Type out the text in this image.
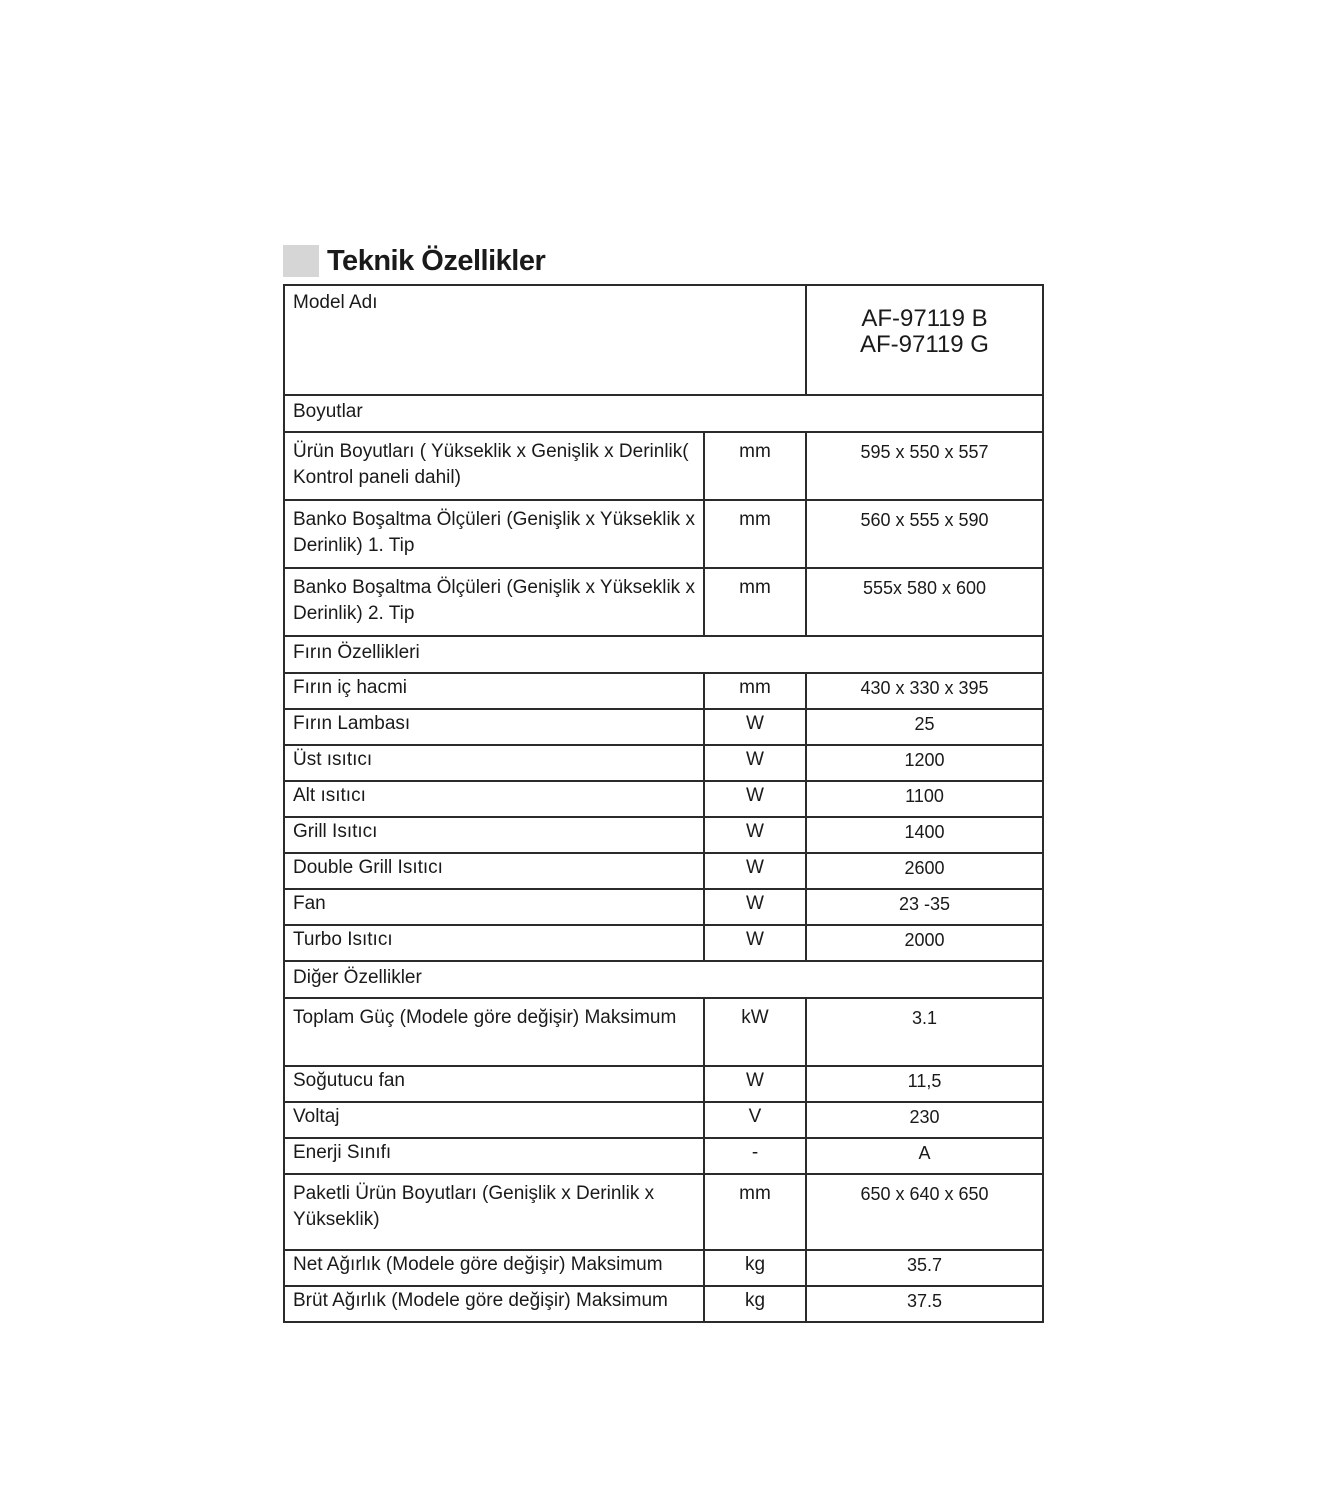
Teknik Özellikler
Model Adı		AF-97119 B
AF-97119 G

Boyutlar		
Ürün Boyutları ( Yükseklik x Genişlik x Derinlik( Kontrol paneli dahil)	mm	595 x 550 x 557
Banko Boşaltma Ölçüleri (Genişlik x Yükseklik x Derinlik) 1. Tip	mm	560 x 555 x 590
Banko Boşaltma Ölçüleri (Genişlik x Yükseklik x Derinlik) 2. Tip	mm	555x 580 x 600
Fırın Özellikleri		
Fırın iç hacmi	mm	430 x 330 x 395
Fırın Lambası	W	25
Üst ısıtıcı	W	1200
Alt ısıtıcı	W	1100
Grill Isıtıcı	W	1400
Double Grill Isıtıcı	W	2600
Fan	W	23 -35
Turbo Isıtıcı	W	2000
Diğer Özellikler		
Toplam Güç (Modele göre değişir) Maksimum	kW	3.1
Soğutucu fan	W	11,5
Voltaj	V	230
Enerji Sınıfı	-	A
Paketli Ürün Boyutları (Genişlik x Derinlik x Yükseklik)	mm	650 x 640 x 650
Net Ağırlık (Modele göre değişir) Maksimum	kg	35.7
Brüt Ağırlık (Modele göre değişir) Maksimum	kg	37.5
